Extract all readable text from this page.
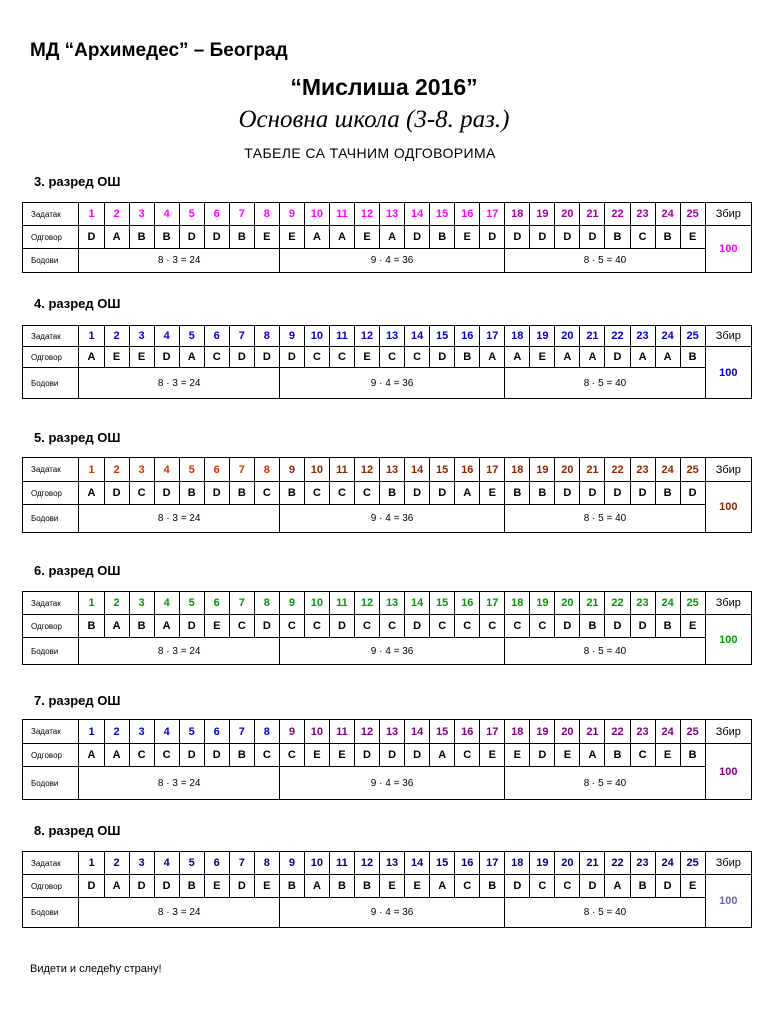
МД “Архимедес” – Београд
“Мислиша 2016”
Основна школа (3-8. раз.)
ТАБЕЛЕ СА ТАЧНИМ ОДГОВОРИМА
3. разред ОШ
Задатак	1	2	3	4	5	6	7	8	9	10	11	12	13	14	15	16	17	18	19	20	21	22	23	24	25	Збир
Одговор	D	A	B	B	D	D	B	E	E	A	A	E	A	D	B	E	D	D	D	D	D	B	C	B	E	100
Бодови	8 · 3 = 24								9 · 4 = 36									8 · 5 = 40								
4. разред ОШ
Задатак	1	2	3	4	5	6	7	8	9	10	11	12	13	14	15	16	17	18	19	20	21	22	23	24	25	Збир
Одговор	A	E	E	D	A	C	D	D	D	C	C	E	C	C	D	B	A	A	E	A	A	D	A	A	B	100
Бодови	8 · 3 = 24								9 · 4 = 36									8 · 5 = 40								
5. разред ОШ
Задатак	1	2	3	4	5	6	7	8	9	10	11	12	13	14	15	16	17	18	19	20	21	22	23	24	25	Збир
Одговор	A	D	C	D	B	D	B	C	B	C	C	C	B	D	D	A	E	B	B	D	D	D	D	B	D	100
Бодови	8 · 3 = 24								9 · 4 = 36									8 · 5 = 40								
6. разред ОШ
Задатак	1	2	3	4	5	6	7	8	9	10	11	12	13	14	15	16	17	18	19	20	21	22	23	24	25	Збир
Одговор	B	A	B	A	D	E	C	D	C	C	D	C	C	D	C	C	C	C	C	D	B	D	D	B	E	100
Бодови	8 · 3 = 24								9 · 4 = 36									8 · 5 = 40								
7. разред ОШ
Задатак	1	2	3	4	5	6	7	8	9	10	11	12	13	14	15	16	17	18	19	20	21	22	23	24	25	Збир
Одговор	A	A	C	C	D	D	B	C	C	E	E	D	D	D	A	C	E	E	D	E	A	B	C	E	B	100
Бодови	8 · 3 = 24								9 · 4 = 36									8 · 5 = 40								
8. разред ОШ
Задатак	1	2	3	4	5	6	7	8	9	10	11	12	13	14	15	16	17	18	19	20	21	22	23	24	25	Збир
Одговор	D	A	D	D	B	E	D	E	B	A	B	B	E	E	A	C	B	D	C	C	D	A	B	D	E	100
Бодови	8 · 3 = 24								9 · 4 = 36									8 · 5 = 40								
Видети и следећу страну!
